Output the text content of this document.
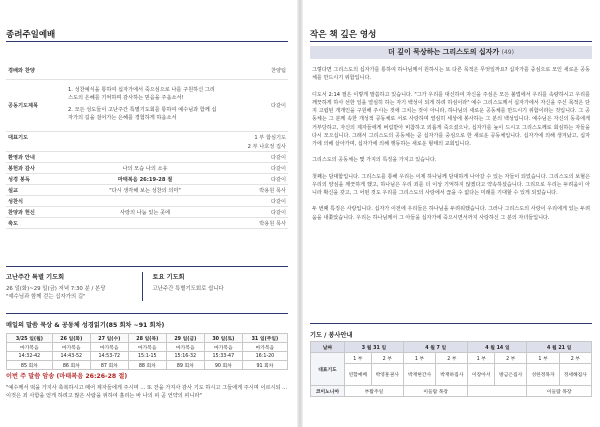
종려주일예배
경배와 찬양	찬양팀
공동기도제목
1. 성찬예식을 통하여 십자가에서 죽으심으로 나를 구원하신 그리스도의 은혜를 기억하며 감사하는 믿음을 주옵소서!
2. 모든 성도들이 고난주간 특별기도회를 통하여 예수님과 함께 십자가의 길을 걸어가는 은혜를 경험하게 하옵소서
다같이
대표기도	1 부 합심기도
2 부 나호정 집사
환영과 안내	다같이
봉헌과 감사	나의 모습 나의 소유	다같이
성경 봉독	마태복음 26:19-28 절	다같이
설교	"다시 생각해 보는 성찬의 의미"	박용원 목사
성찬식	다같이
찬양과 헌신	사랑의 나눔 있는 곳에	다같이
축도	박용원 목사
고난주간 특별 기도회
26 일(화)~29 일(금) 저녁 7:30 분 / 본당
"예수님과 함께 걷는 십자가의 길"
토요 기도회
고난주간 특별기도회로 쉽니다
매일의 말씀 묵상 & 공동체 성경읽기(85 회차 ~91 회차)
3/25 일(월)	26 일(화)	27 일(수)	28 일(목)	29 일(금)	30 일(토)	31 일(주일)
마가복음	마가복음	마가복음	마가복음	마가복음	마가복음	마가복음
14:32-42	14:43-52	14:53-72	15:1-15	15:16-32	15:33-47	16:1-20
85 회차	86 회차	87 회차	88 회차	89 회차	90 회차	91 회차
이번 주 말씀 암송 (마태복음 26:26-28 절)
"예수께서 떡을 가지사 축복하시고 떼어 제자들에게 주시며 … 또 잔을 가지사 감사 기도 하시고 그들에게 주시며 이르시되 … 이것은 죄 사함을 얻게 하려고 많은 사람을 위하여 흘리는 바 나의 피 곧 언약의 피니라"
작은 책 깊은 영성
더 깊이 묵상하는 그리스도의 십자가 (49)

그렇다면 그리스도의 십자가를 통하여 하나님께서 원하시는 또 다른 목적은 무엇일까요? 십자가를 중심으로 모인 새로운 공동체를 만드시기 위함입니다.

디도서 2:14 절은 이렇게 말씀하고 있습니다. "그가 우리를 대신하여 자신을 주심은 모든 불법에서 우리를 속량하시고 우리를 깨끗하게 하사 선한 일을 열심히 하는 자기 백성이 되게 하려 하심이라" 예수 그리스도께서 십자가에서 자신을 주신 목적은 단지 고립된 개개인을 구원해 주시는 것에 그치는 것이 아니라, 하나님의 새로운 공동체를 만드시기 위함이라는 것입니다. 그 공동체는 그 분께 속한 개성적 공동체로 서로 사랑하며 열심히 세상에 봉사하는 그 분의 백성입니다. 예수님은 자신의 동족에게 거부당하고, 자신의 제자들에게 버림받아 비참하고 외롭게 죽으셨으나, 십자가를 높이 드시고 그리스도께로 회심하는 자들을 다시 모으십니다. 그래서 그리스도의 공동체는 곧 십자가를 중심으로 한 새로운 공동체입니다. 십자가에 의해 생겨났고, 십자가에 의해 살아가며, 십자가에 의해 행동하는 새로운 형태의 교회입니다.

그리스도의 공동체는 몇 가지의 특징을 가지고 있습니다.

첫째는 담대함입니다. 그리스도를 통해 우리는 이제 하나님께 담대하게 나아갈 수 있는 자들이 되었습니다. 그리스도의 보혈은 우리의 양심을 깨끗하게 했고, 하나님은 우리 죄를 더 이상 기억하지 않겠다고 약속하셨습니다. 그리므로 우리는 두려움이 아니라 확신을 갖고, 그 어떤 것도 우리를 그리스도의 사랑에서 끊을 수 없다는 미래를 기대할 수 있게 되었습니다.

두 번째 특징은 사랑입니다. 십자가 이전에 우리들은 하나님을 두려워했습니다. 그러나 그리스도의 사랑이 우리에게 있는 두려움을 내쫓았습니다. 우리는 하나님께서 그 아들을 십자가에 죽으시면서까지 사랑하신 그 분의 자녀들입니다.

기도 / 봉사안내
날짜	3 월 31 일		4 월 7 일		4 월 14 일		4 월 21 일	
대표기도	1 부	2 부	1 부	2 부	1 부	2 부	1 부	2 부
	연합예배	박영훈권사	박재현간사	박재하집사	이장아서	방금은집사	성한정목자	정세해집사
코이노니아	부활주일		이들람 목장				이들람 목장	
